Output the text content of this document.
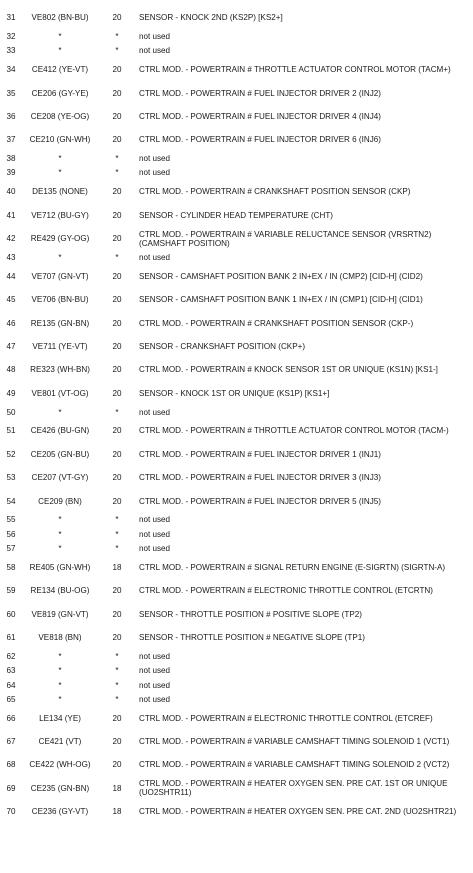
31	VE802 (BN-BU)	20	SENSOR - KNOCK 2ND (KS2P) [KS2+]
32	*	*	not used
33	*	*	not used
34	CE412 (YE-VT)	20	CTRL MOD. - POWERTRAIN # THROTTLE ACTUATOR CONTROL MOTOR (TACM+)
35	CE206 (GY-YE)	20	CTRL MOD. - POWERTRAIN # FUEL INJECTOR DRIVER 2 (INJ2)
36	CE208 (YE-OG)	20	CTRL MOD. - POWERTRAIN # FUEL INJECTOR DRIVER 4 (INJ4)
37	CE210 (GN-WH)	20	CTRL MOD. - POWERTRAIN # FUEL INJECTOR DRIVER 6 (INJ6)
38	*	*	not used
39	*	*	not used
40	DE135 (NONE)	20	CTRL MOD. - POWERTRAIN # CRANKSHAFT POSITION SENSOR (CKP)
41	VE712 (BU-GY)	20	SENSOR - CYLINDER HEAD TEMPERATURE (CHT)
42	RE429 (GY-OG)	20	CTRL MOD. - POWERTRAIN # VARIABLE RELUCTANCE SENSOR (VRSRTN2) (CAMSHAFT POSITION)
43	*	*	not used
44	VE707 (GN-VT)	20	SENSOR - CAMSHAFT POSITION BANK 2 IN+EX / IN (CMP2) [CID-H] (CID2)
45	VE706 (BN-BU)	20	SENSOR - CAMSHAFT POSITION BANK 1 IN+EX / IN (CMP1) [CID-H] (CID1)
46	RE135 (GN-BN)	20	CTRL MOD. - POWERTRAIN # CRANKSHAFT POSITION SENSOR (CKP-)
47	VE711 (YE-VT)	20	SENSOR - CRANKSHAFT POSITION (CKP+)
48	RE323 (WH-BN)	20	CTRL MOD. - POWERTRAIN # KNOCK SENSOR 1ST OR UNIQUE (KS1N) [KS1-]
49	VE801 (VT-OG)	20	SENSOR - KNOCK 1ST OR UNIQUE (KS1P) [KS1+]
50	*	*	not used
51	CE426 (BU-GN)	20	CTRL MOD. - POWERTRAIN # THROTTLE ACTUATOR CONTROL MOTOR (TACM-)
52	CE205 (GN-BU)	20	CTRL MOD. - POWERTRAIN # FUEL INJECTOR DRIVER 1 (INJ1)
53	CE207 (VT-GY)	20	CTRL MOD. - POWERTRAIN # FUEL INJECTOR DRIVER 3 (INJ3)
54	CE209 (BN)	20	CTRL MOD. - POWERTRAIN # FUEL INJECTOR DRIVER 5 (INJ5)
55	*	*	not used
56	*	*	not used
57	*	*	not used
58	RE405 (GN-WH)	18	CTRL MOD. - POWERTRAIN # SIGNAL RETURN ENGINE (E-SIGRTN) (SIGRTN-A)
59	RE134 (BU-OG)	20	CTRL MOD. - POWERTRAIN # ELECTRONIC THROTTLE CONTROL (ETCRTN)
60	VE819 (GN-VT)	20	SENSOR - THROTTLE POSITION # POSITIVE SLOPE (TP2)
61	VE818 (BN)	20	SENSOR - THROTTLE POSITION # NEGATIVE SLOPE (TP1)
62	*	*	not used
63	*	*	not used
64	*	*	not used
65	*	*	not used
66	LE134 (YE)	20	CTRL MOD. - POWERTRAIN # ELECTRONIC THROTTLE CONTROL (ETCREF)
67	CE421 (VT)	20	CTRL MOD. - POWERTRAIN # VARIABLE CAMSHAFT TIMING SOLENOID 1 (VCT1)
68	CE422 (WH-OG)	20	CTRL MOD. - POWERTRAIN # VARIABLE CAMSHAFT TIMING SOLENOID 2 (VCT2)
69	CE235 (GN-BN)	18	CTRL MOD. - POWERTRAIN # HEATER OXYGEN SEN. PRE CAT. 1ST OR UNIQUE (UO2SHTR11)
70	CE236 (GY-VT)	18	CTRL MOD. - POWERTRAIN # HEATER OXYGEN SEN. PRE CAT. 2ND (UO2SHTR21)
